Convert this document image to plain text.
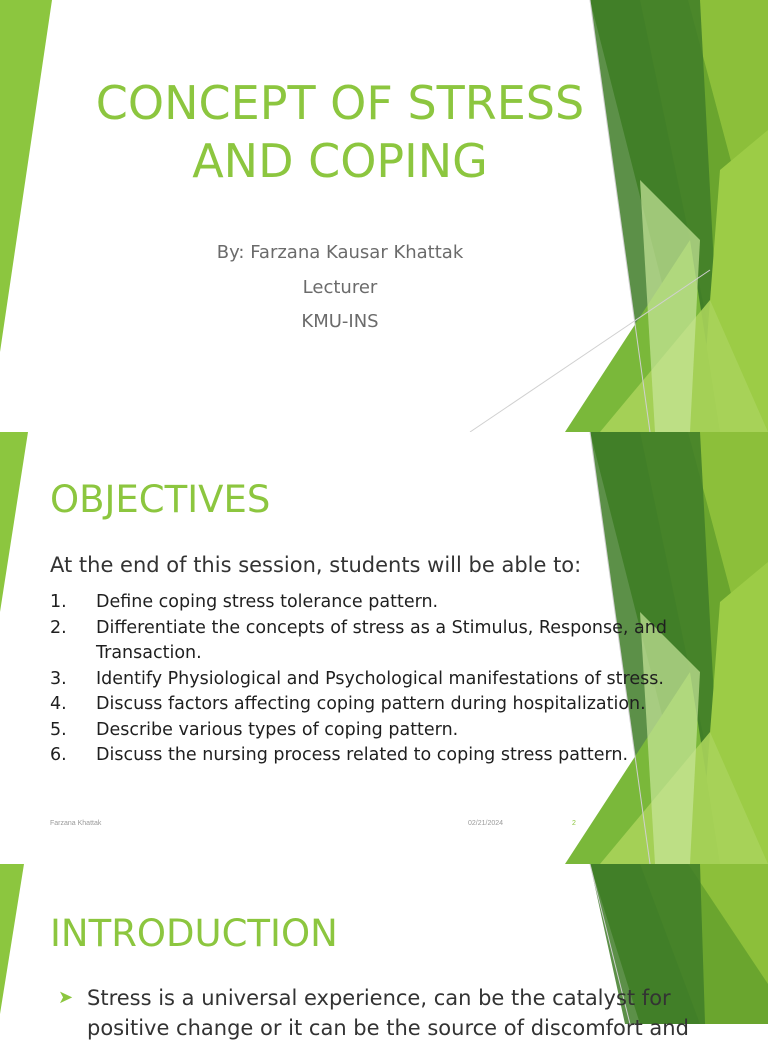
CONCEPT OF STRESS
AND COPING
By: Farzana Kausar Khattak
Lecturer
KMU-INS
OBJECTIVES
At the end of this session, students will be able to:
1.	Define coping stress tolerance pattern.
2.	Differentiate the concepts of stress as a Stimulus, Response, and Transaction.
3.	Identify Physiological and Psychological manifestations of stress.
4.	Discuss factors affecting coping pattern during hospitalization.
5.	Describe various types of coping pattern.
6.	Discuss the nursing process related to coping stress pattern.
Farzana Khattak	02/21/2024	2
INTRODUCTION
➤ Stress is a universal experience, can be the catalyst for positive change or it can be the source of discomfort and
